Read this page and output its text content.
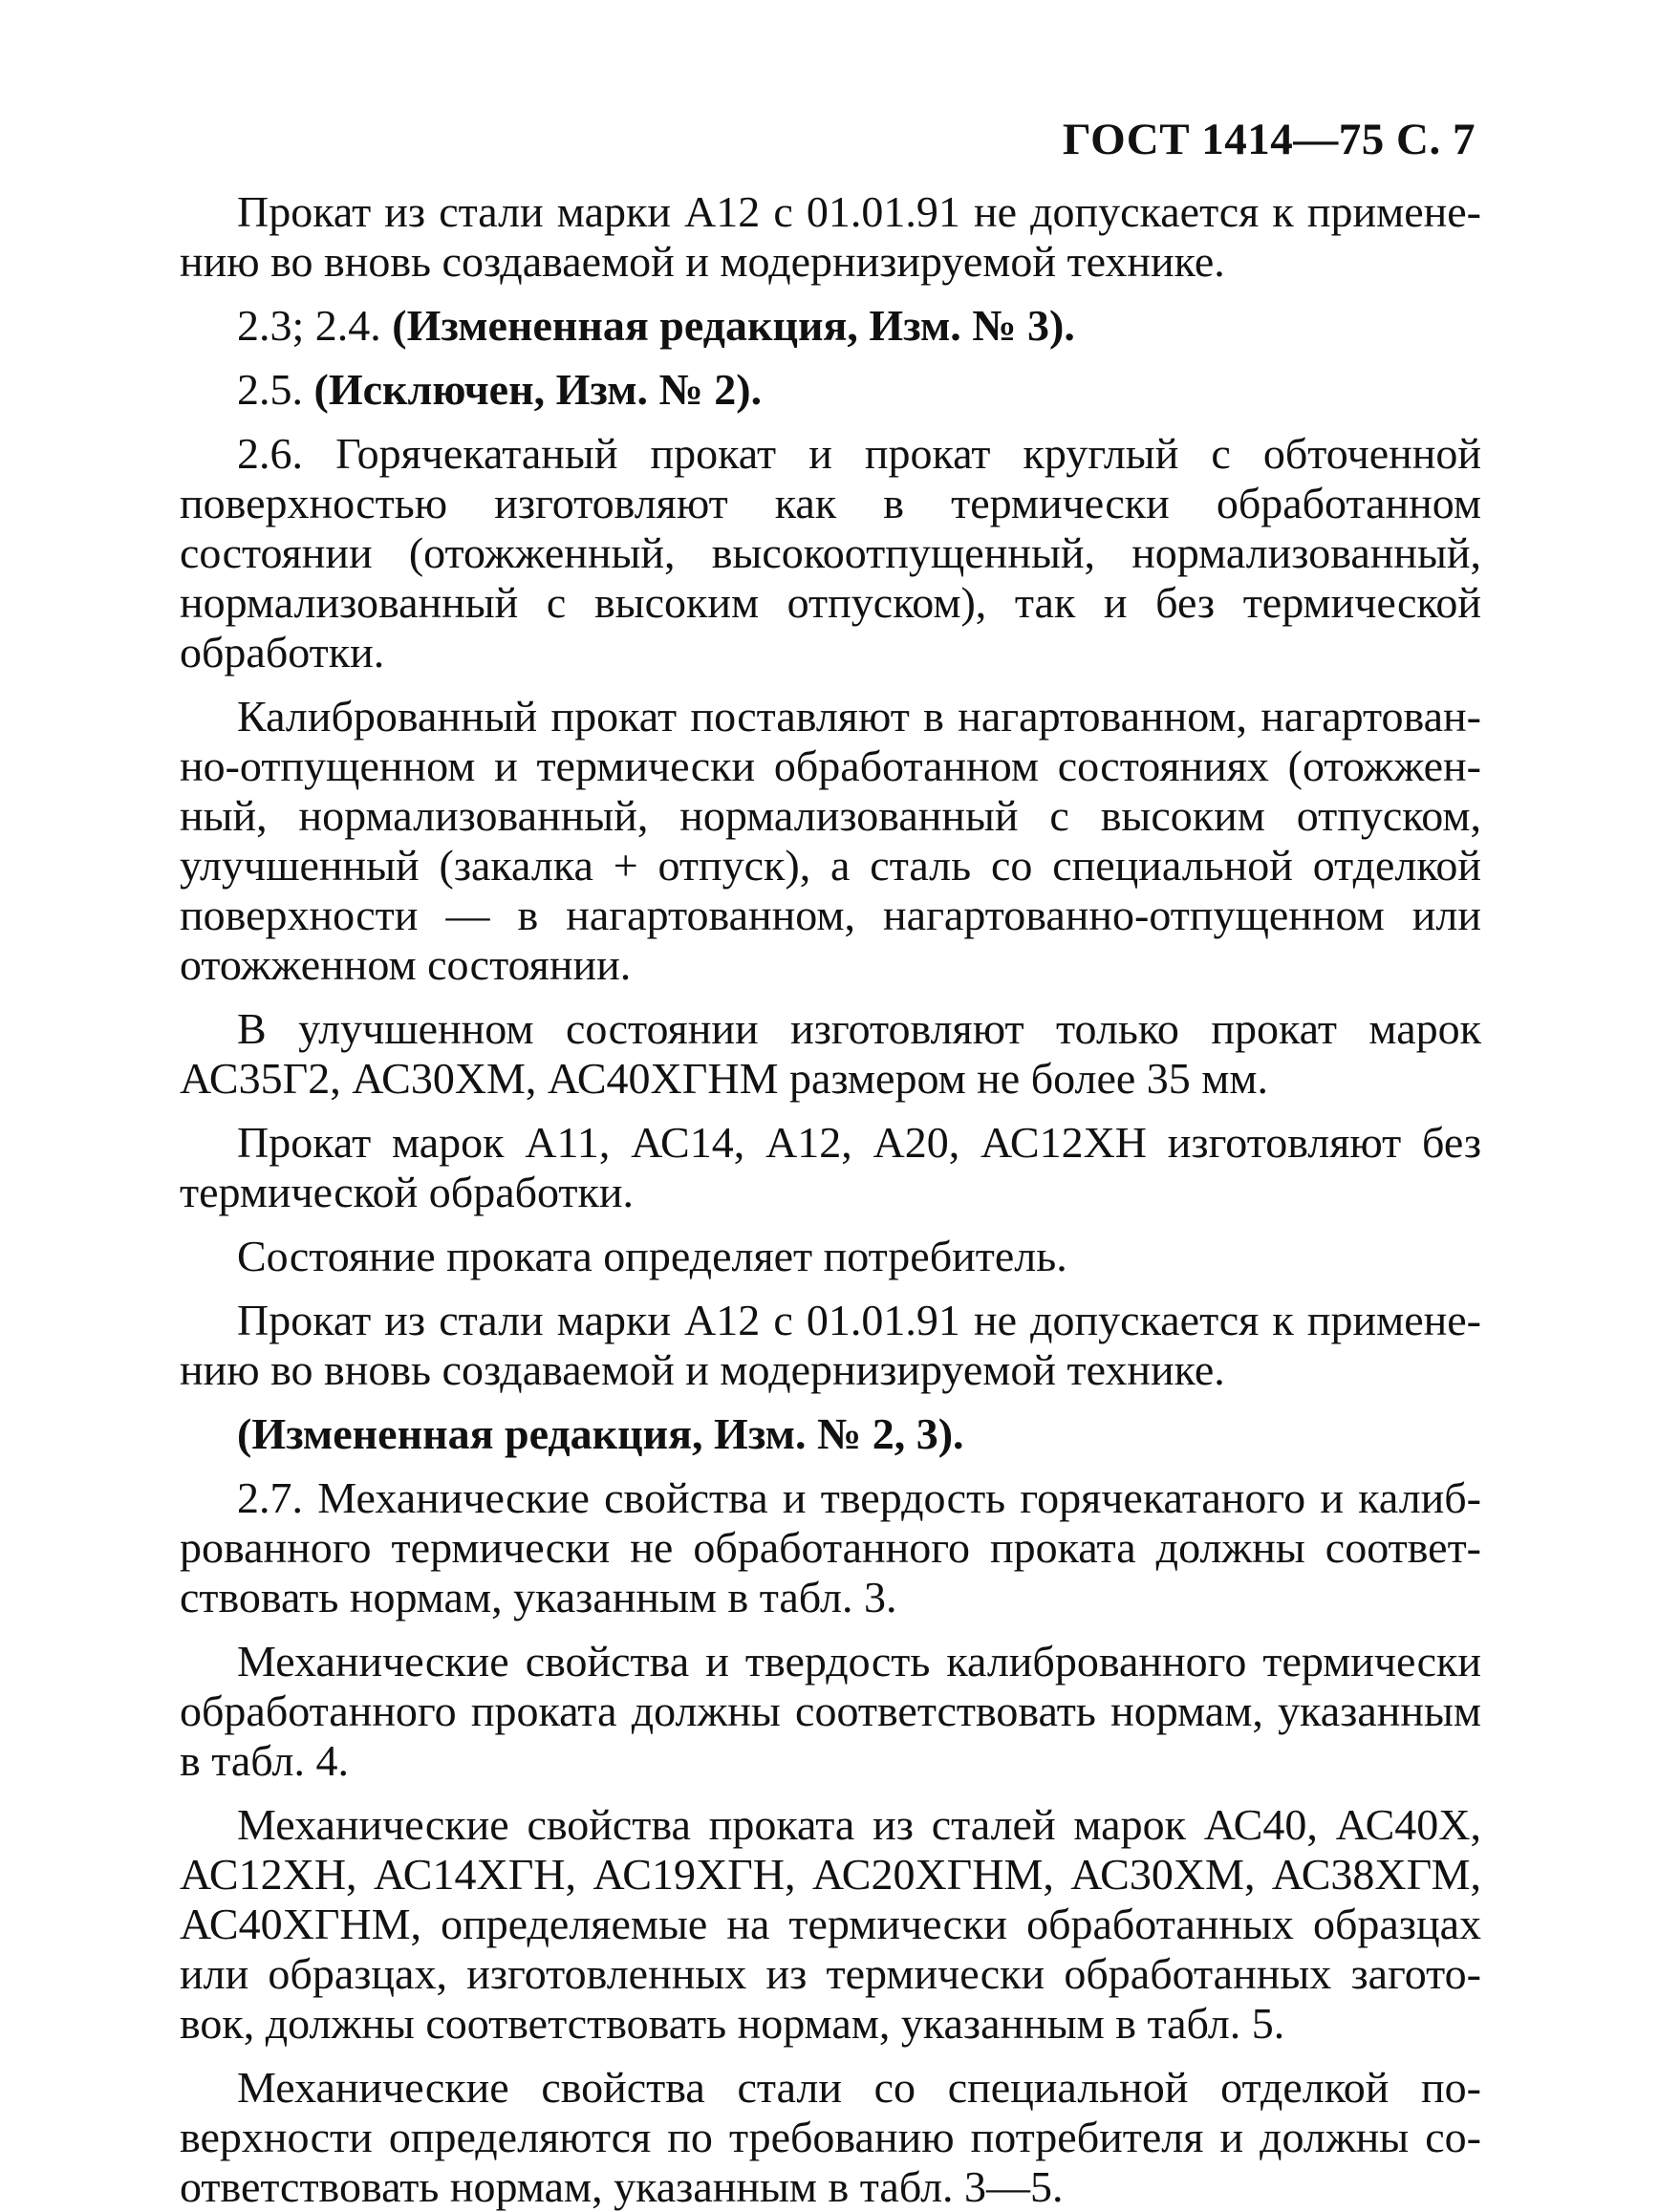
ГОСТ 1414—75 С. 7
Прокат из стали марки А12 с 01.01.91 не допускается к примене-
нию во вновь создаваемой и модернизируемой технике.
2.3; 2.4. (Измененная редакция, Изм. № 3).
2.5. (Исключен, Изм. № 2).
2.6. Горячекатаный прокат и прокат круглый с обточенной
поверхностью изготовляют как в термически обработанном
состоянии (отожженный, высокоотпущенный, нормализованный,
нормализованный с высоким отпуском), так и без термической
обработки.
Калиброванный прокат поставляют в нагартованном, нагартован-
но-отпущенном и термически обработанном состояниях (отожжен-
ный, нормализованный, нормализованный с высоким отпуском,
улучшенный (закалка + отпуск), а сталь со специальной отделкой
поверхности — в нагартованном, нагартованно-отпущенном или
отожженном состоянии.
В улучшенном состоянии изготовляют только прокат марок
АС35Г2, АС30ХМ, АС40ХГНМ размером не более 35 мм.
Прокат марок А11, АС14, А12, А20, АС12ХН изготовляют без
термической обработки.
Состояние проката определяет потребитель.
Прокат из стали марки А12 с 01.01.91 не допускается к примене-
нию во вновь создаваемой и модернизируемой технике.
(Измененная редакция, Изм. № 2, 3).
2.7. Механические свойства и твердость горячекатаного и калиб-
рованного термически не обработанного проката должны соответ-
ствовать нормам, указанным в табл. 3.
Механические свойства и твердость калиброванного термически
обработанного проката должны соответствовать нормам, указанным
в табл. 4.
Механические свойства проката из сталей марок АС40, АС40Х,
АС12ХН, АС14ХГН, АС19ХГН, АС20ХГНМ, АС30ХМ, АС38ХГМ,
АС40ХГНМ, определяемые на термически обработанных образцах
или образцах, изготовленных из термически обработанных загото-
вок, должны соответствовать нормам, указанным в табл. 5.
Механические свойства стали со специальной отделкой по-
верхности определяются по требованию потребителя и должны со-
ответствовать нормам, указанным в табл. 3—5.
